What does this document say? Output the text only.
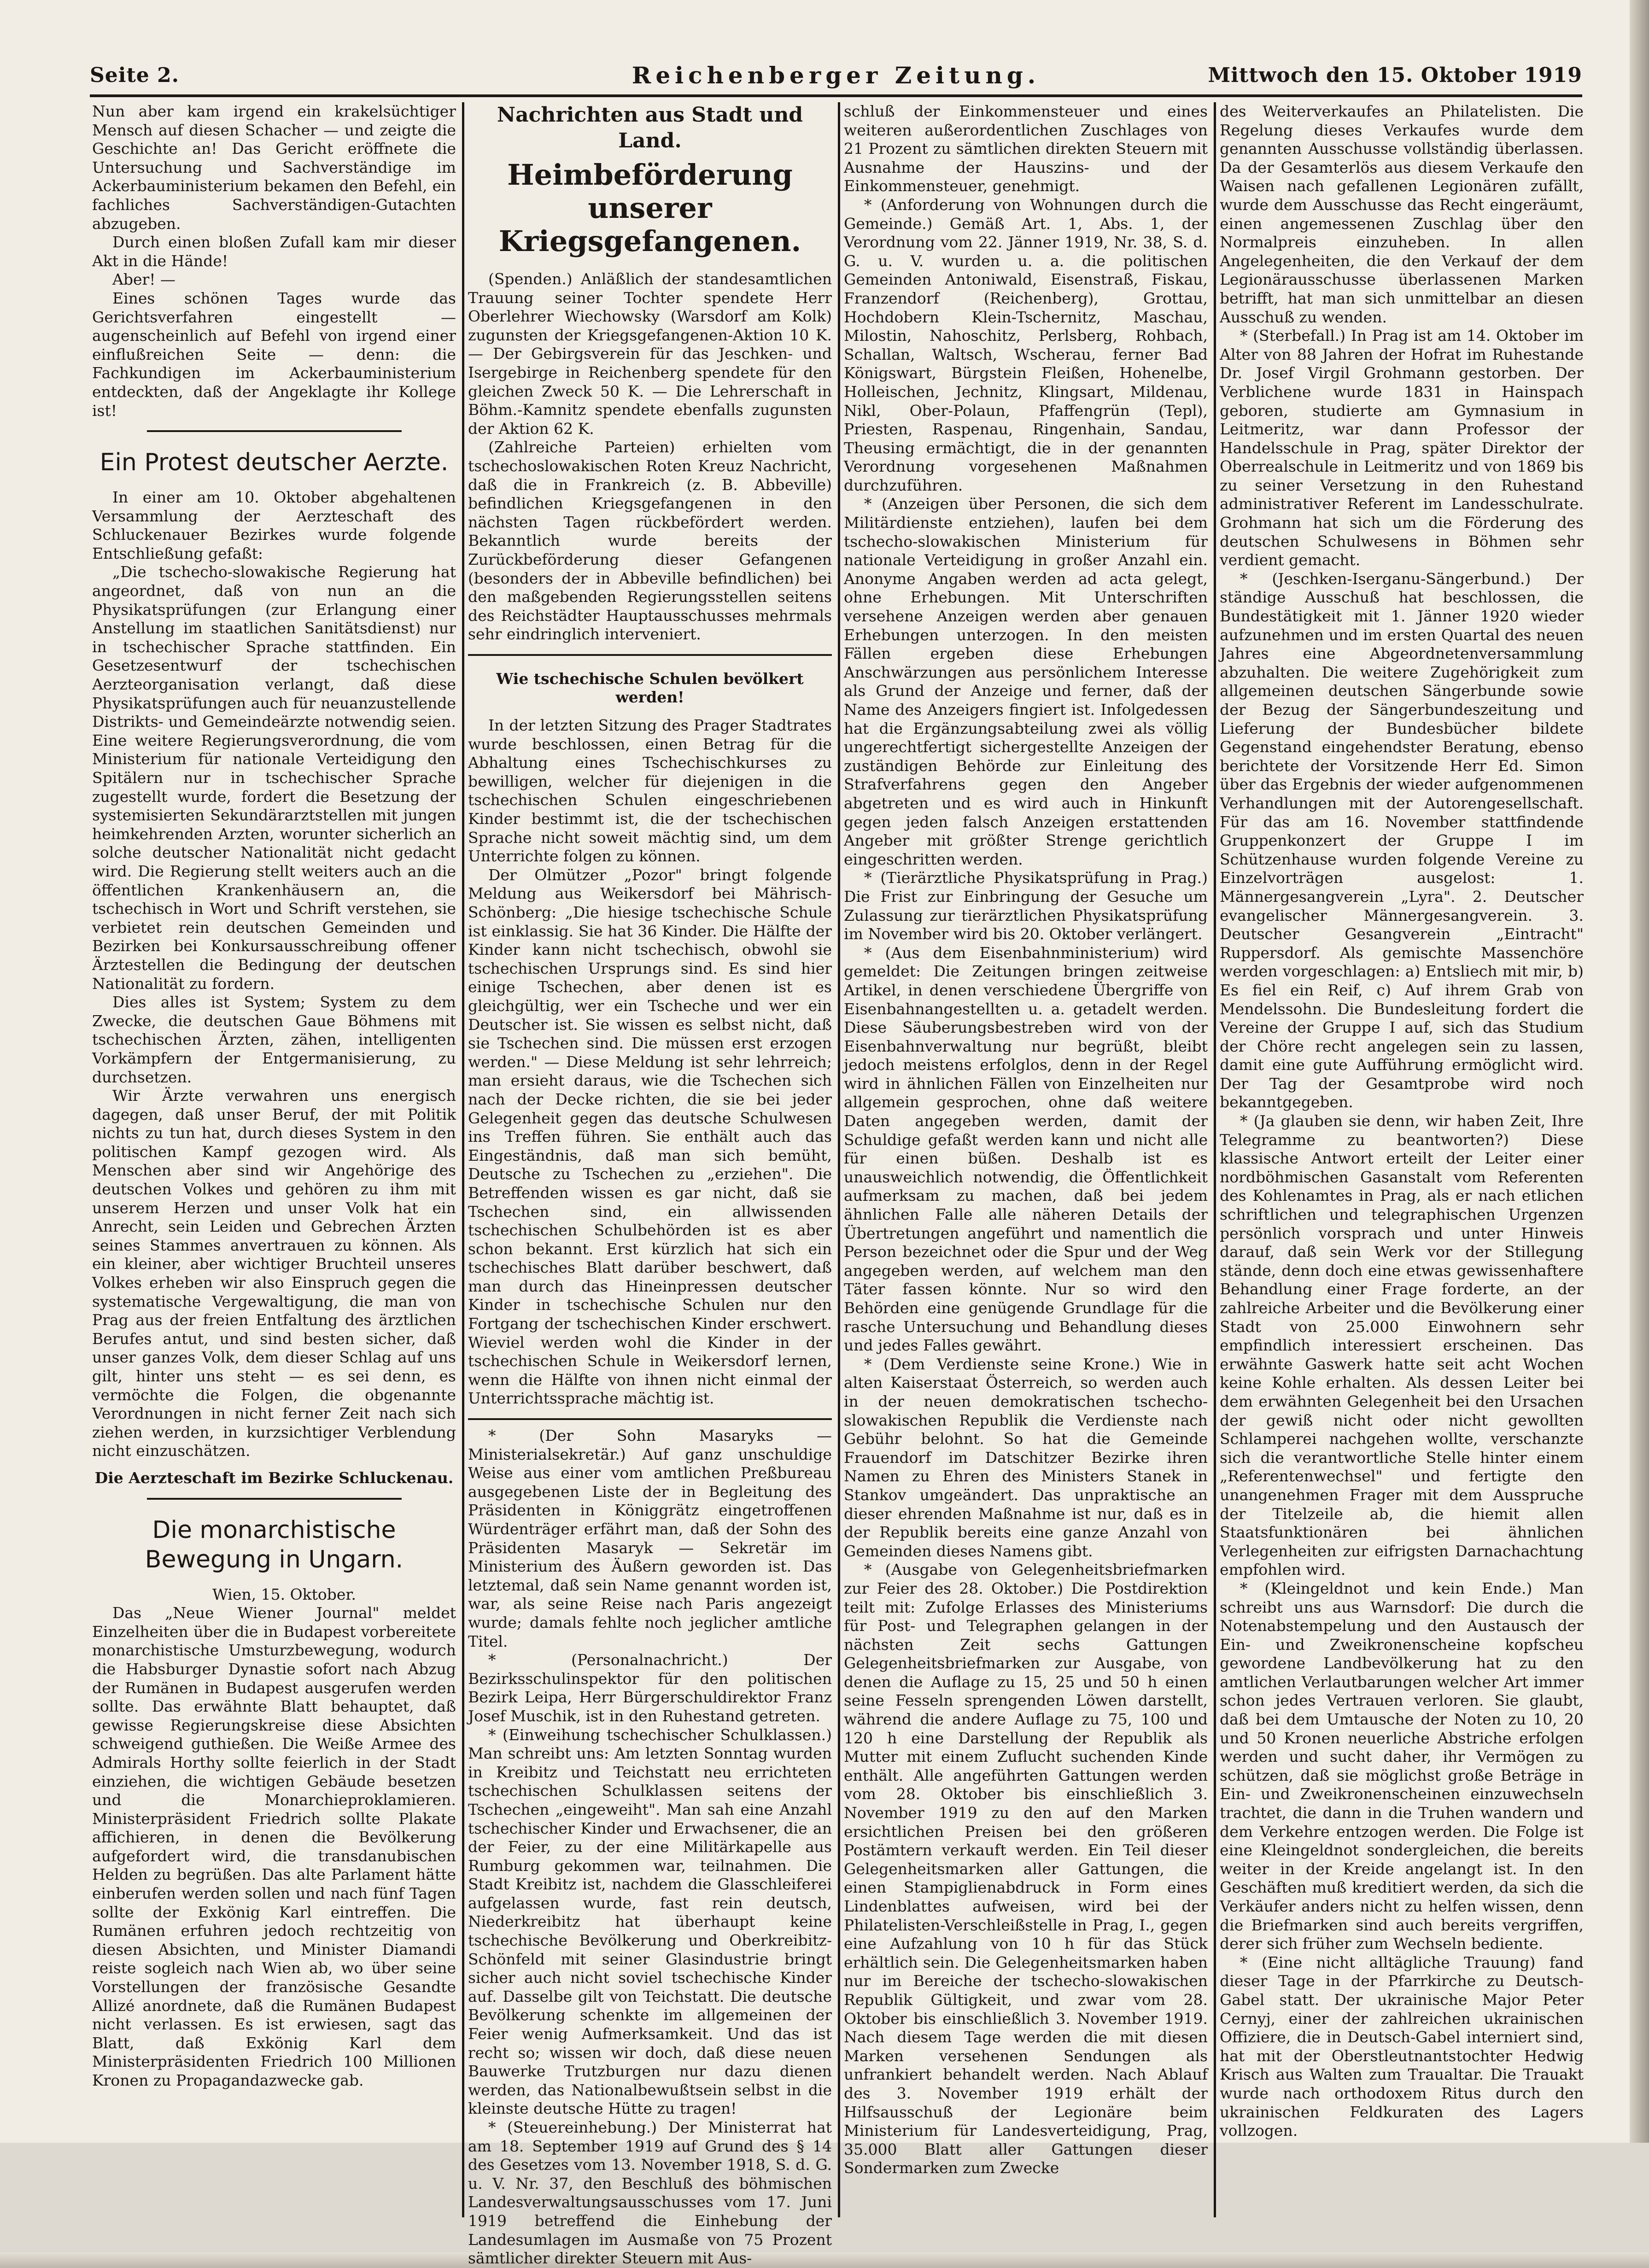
Seite 2.	Reichenberger Zeitung.	Mittwoch den 15. Oktober 1919

Nun aber kam irgend ein krakelsüchtiger Mensch auf diesen Schacher — und zeigte die Geschichte an! Das Gericht eröffnete die Untersuchung und Sachverständige im Ackerbauministerium bekamen den Befehl, ein fachliches Sachverständigen-Gutachten abzugeben.

Durch einen bloßen Zufall kam mir dieser Akt in die Hände!

Aber! —

Eines schönen Tages wurde das Gerichtsverfahren eingestellt — augenscheinlich auf Befehl von irgend einer einflußreichen Seite — denn: die Fachkundigen im Ackerbauministerium entdeckten, daß der Angeklagte ihr Kollege ist!

Ein Protest deutscher Aerzte.

In einer am 10. Oktober abgehaltenen Versammlung der Aerzteschaft des Schluckenauer Bezirkes wurde folgende Entschließung gefaßt:

„Die tschecho-slowakische Regierung hat angeordnet, daß von nun an die Physikatsprüfungen (zur Erlangung einer Anstellung im staatlichen Sanitätsdienst) nur in tschechischer Sprache stattfinden. Ein Gesetzesentwurf der tschechischen Aerzteorganisation verlangt, daß diese Physikatsprüfungen auch für neuanzustellende Distrikts- und Gemeindeärzte notwendig seien. Eine weitere Regierungsverordnung, die vom Ministerium für nationale Verteidigung den Spitälern nur in tschechischer Sprache zugestellt wurde, fordert die Besetzung der systemisierten Sekundärarztstellen mit jungen heimkehrenden Arzten, worunter sicherlich an solche deutscher Nationalität nicht gedacht wird. Die Regierung stellt weiters auch an die öffentlichen Krankenhäusern an, die tschechisch in Wort und Schrift verstehen, sie verbietet rein deutschen Gemeinden und Bezirken bei Konkursausschreibung offener Ärztestellen die Bedingung der deutschen Nationalität zu fordern.

Dies alles ist System; System zu dem Zwecke, die deutschen Gaue Böhmens mit tschechischen Ärzten, zähen, intelligenten Vorkämpfern der Entgermanisierung, zu durchsetzen.

Wir Ärzte verwahren uns energisch dagegen, daß unser Beruf, der mit Politik nichts zu tun hat, durch dieses System in den politischen Kampf gezogen wird. Als Menschen aber sind wir Angehörige des deutschen Volkes und gehören zu ihm mit unserem Herzen und unser Volk hat ein Anrecht, sein Leiden und Gebrechen Ärzten seines Stammes anvertrauen zu können. Als ein kleiner, aber wichtiger Bruchteil unseres Volkes erheben wir also Einspruch gegen die systematische Vergewaltigung, die man von Prag aus der freien Entfaltung des ärztlichen Berufes antut, und sind besten sicher, daß unser ganzes Volk, dem dieser Schlag auf uns gilt, hinter uns steht — es sei denn, es vermöchte die Folgen, die obgenannte Verordnungen in nicht ferner Zeit nach sich ziehen werden, in kurzsichtiger Verblendung nicht einzuschätzen.

Die Aerzteschaft im Bezirke Schluckenau.
Die monarchistische Bewegung in Ungarn.

Wien, 15. Oktober.

Das „Neue Wiener Journal" meldet Einzelheiten über die in Budapest vorbereitete monarchistische Umsturzbewegung, wodurch die Habsburger Dynastie sofort nach Abzug der Rumänen in Budapest ausgerufen werden sollte. Das erwähnte Blatt behauptet, daß gewisse Regierungskreise diese Absichten schweigend guthießen. Die Weiße Armee des Admirals Horthy sollte feierlich in der Stadt einziehen, die wichtigen Gebäude besetzen und die Monarchieproklamieren. Ministerpräsident Friedrich sollte Plakate affichieren, in denen die Bevölkerung aufgefordert wird, die transdanubischen Helden zu begrüßen. Das alte Parlament hätte einberufen werden sollen und nach fünf Tagen sollte der Exkönig Karl eintreffen. Die Rumänen erfuhren jedoch rechtzeitig von diesen Absichten, und Minister Diamandi reiste sogleich nach Wien ab, wo über seine Vorstellungen der französische Gesandte Allizé anordnete, daß die Rumänen Budapest nicht verlassen. Es ist erwiesen, sagt das Blatt, daß Exkönig Karl dem Ministerpräsidenten Friedrich 100 Millionen Kronen zu Propagandazwecke gab.

Nachrichten aus Stadt und Land.
Heimbeförderung unserer Kriegsgefangenen.

(Spenden.) Anläßlich der standesamtlichen Trauung seiner Tochter spendete Herr Oberlehrer Wiechowsky (Warsdorf am Kolk) zugunsten der Kriegsgefangenen-Aktion 10 K. — Der Gebirgsverein für das Jeschken- und Isergebirge in Reichenberg spendete für den gleichen Zweck 50 K. — Die Lehrerschaft in Böhm.-Kamnitz spendete ebenfalls zugunsten der Aktion 62 K.

(Zahlreiche Parteien) erhielten vom tschechoslowakischen Roten Kreuz Nachricht, daß die in Frankreich (z. B. Abbeville) befindlichen Kriegsgefangenen in den nächsten Tagen rückbefördert werden. Bekanntlich wurde bereits der Zurückbeförderung dieser Gefangenen (besonders der in Abbeville befindlichen) bei den maßgebenden Regierungsstellen seitens des Reichstädter Hauptausschusses mehrmals sehr eindringlich interveniert.

Wie tschechische Schulen bevölkert werden!

In der letzten Sitzung des Prager Stadtrates wurde beschlossen, einen Betrag für die Abhaltung eines Tschechischkurses zu bewilligen, welcher für diejenigen in die tschechischen Schulen eingeschriebenen Kinder bestimmt ist, die der tschechischen Sprache nicht soweit mächtig sind, um dem Unterrichte folgen zu können.

Der Olmützer „Pozor" bringt folgende Meldung aus Weikersdorf bei Mährisch-Schönberg: „Die hiesige tschechische Schule ist einklassig. Sie hat 36 Kinder. Die Hälfte der Kinder kann nicht tschechisch, obwohl sie tschechischen Ursprungs sind. Es sind hier einige Tschechen, aber denen ist es gleichgültig, wer ein Tscheche und wer ein Deutscher ist. Sie wissen es selbst nicht, daß sie Tschechen sind. Die müssen erst erzogen werden." — Diese Meldung ist sehr lehrreich; man ersieht daraus, wie die Tschechen sich nach der Decke richten, die sie bei jeder Gelegenheit gegen das deutsche Schulwesen ins Treffen führen. Sie enthält auch das Eingeständnis, daß man sich bemüht, Deutsche zu Tschechen zu „erziehen". Die Betreffenden wissen es gar nicht, daß sie Tschechen sind, ein allwissenden tschechischen Schulbehörden ist es aber schon bekannt. Erst kürzlich hat sich ein tschechisches Blatt darüber beschwert, daß man durch das Hineinpressen deutscher Kinder in tschechische Schulen nur den Fortgang der tschechischen Kinder erschwert. Wieviel werden wohl die Kinder in der tschechischen Schule in Weikersdorf lernen, wenn die Hälfte von ihnen nicht einmal der Unterrichtssprache mächtig ist.

* (Der Sohn Masaryks — Ministerialsekretär.) Auf ganz unschuldige Weise aus einer vom amtlichen Preßbureau ausgegebenen Liste der in Begleitung des Präsidenten in Königgrätz eingetroffenen Würdenträger erfährt man, daß der Sohn des Präsidenten Masaryk — Sekretär im Ministerium des Äußern geworden ist. Das letztemal, daß sein Name genannt worden ist, war, als seine Reise nach Paris angezeigt wurde; damals fehlte noch jeglicher amtliche Titel.

* (Personalnachricht.) Der Bezirksschulinspektor für den politischen Bezirk Leipa, Herr Bürgerschuldirektor Franz Josef Muschik, ist in den Ruhestand getreten.

* (Einweihung tschechischer Schulklassen.) Man schreibt uns: Am letzten Sonntag wurden in Kreibitz und Teichstatt neu errichteten tschechischen Schulklassen seitens der Tschechen „eingeweiht". Man sah eine Anzahl tschechischer Kinder und Erwachsener, die an der Feier, zu der eine Militärkapelle aus Rumburg gekommen war, teilnahmen. Die Stadt Kreibitz ist, nachdem die Glasschleiferei aufgelassen wurde, fast rein deutsch, Niederkreibitz hat überhaupt keine tschechische Bevölkerung und Oberkreibitz-Schönfeld mit seiner Glasindustrie bringt sicher auch nicht soviel tschechische Kinder auf. Dasselbe gilt von Teichstatt. Die deutsche Bevölkerung schenkte im allgemeinen der Feier wenig Aufmerksamkeit. Und das ist recht so; wissen wir doch, daß diese neuen Bauwerke Trutzburgen nur dazu dienen werden, das Nationalbewußtsein selbst in die kleinste deutsche Hütte zu tragen!

* (Steuereinhebung.) Der Ministerrat hat am 18. September 1919 auf Grund des § 14 des Gesetzes vom 13. November 1918, S. d. G. u. V. Nr. 37, den Beschluß des böhmischen Landesverwaltungsausschusses vom 17. Juni 1919 betreffend die Einhebung der Landesumlagen im Ausmaße von 75 Prozent sämtlicher direkter Steuern mit Aus-

schluß der Einkommensteuer und eines weiteren außerordentlichen Zuschlages von 21 Prozent zu sämtlichen direkten Steuern mit Ausnahme der Hauszins- und der Einkommensteuer, genehmigt.

* (Anforderung von Wohnungen durch die Gemeinde.) Gemäß Art. 1, Abs. 1, der Verordnung vom 22. Jänner 1919, Nr. 38, S. d. G. u. V. wurden u. a. die politischen Gemeinden Antoniwald, Eisenstraß, Fiskau, Franzendorf (Reichenberg), Grottau, Hochdobern Klein-Tschernitz, Maschau, Milostin, Nahoschitz, Perlsberg, Rohbach, Schallan, Waltsch, Wscherau, ferner Bad Königswart, Bürgstein Fleißen, Hohenelbe, Holleischen, Jechnitz, Klingsart, Mildenau, Nikl, Ober-Polaun, Pfaffengrün (Tepl), Priesten, Raspenau, Ringenhain, Sandau, Theusing ermächtigt, die in der genannten Verordnung vorgesehenen Maßnahmen durchzuführen.

* (Anzeigen über Personen, die sich dem Militärdienste entziehen), laufen bei dem tschecho-slowakischen Ministerium für nationale Verteidigung in großer Anzahl ein. Anonyme Angaben werden ad acta gelegt, ohne Erhebungen. Mit Unterschriften versehene Anzeigen werden aber genauen Erhebungen unterzogen. In den meisten Fällen ergeben diese Erhebungen Anschwärzungen aus persönlichem Interesse als Grund der Anzeige und ferner, daß der Name des Anzeigers fingiert ist. Infolgedessen hat die Ergänzungsabteilung zwei als völlig ungerechtfertigt sichergestellte Anzeigen der zuständigen Behörde zur Einleitung des Strafverfahrens gegen den Angeber abgetreten und es wird auch in Hinkunft gegen jeden falsch Anzeigen erstattenden Angeber mit größter Strenge gerichtlich eingeschritten werden.

* (Tierärztliche Physikatsprüfung in Prag.) Die Frist zur Einbringung der Gesuche um Zulassung zur tierärztlichen Physikatsprüfung im November wird bis 20. Oktober verlängert.

* (Aus dem Eisenbahnministerium) wird gemeldet: Die Zeitungen bringen zeitweise Artikel, in denen verschiedene Übergriffe von Eisenbahnangestellten u. a. getadelt werden. Diese Säuberungsbestreben wird von der Eisenbahnverwaltung nur begrüßt, bleibt jedoch meistens erfolglos, denn in der Regel wird in ähnlichen Fällen von Einzelheiten nur allgemein gesprochen, ohne daß weitere Daten angegeben werden, damit der Schuldige gefaßt werden kann und nicht alle für einen büßen. Deshalb ist es unausweichlich notwendig, die Öffentlichkeit aufmerksam zu machen, daß bei jedem ähnlichen Falle alle näheren Details der Übertretungen angeführt und namentlich die Person bezeichnet oder die Spur und der Weg angegeben werden, auf welchem man den Täter fassen könnte. Nur so wird den Behörden eine genügende Grundlage für die rasche Untersuchung und Behandlung dieses und jedes Falles gewährt.

* (Dem Verdienste seine Krone.) Wie in alten Kaiserstaat Österreich, so werden auch in der neuen demokratischen tschecho-slowakischen Republik die Verdienste nach Gebühr belohnt. So hat die Gemeinde Frauendorf im Datschitzer Bezirke ihren Namen zu Ehren des Ministers Stanek in Stankov umgeändert. Das unpraktische an dieser ehrenden Maßnahme ist nur, daß es in der Republik bereits eine ganze Anzahl von Gemeinden dieses Namens gibt.

* (Ausgabe von Gelegenheitsbriefmarken zur Feier des 28. Oktober.) Die Postdirektion teilt mit: Zufolge Erlasses des Ministeriums für Post- und Telegraphen gelangen in der nächsten Zeit sechs Gattungen Gelegenheitsbriefmarken zur Ausgabe, von denen die Auflage zu 15, 25 und 50 h einen seine Fesseln sprengenden Löwen darstellt, während die andere Auflage zu 75, 100 und 120 h eine Darstellung der Republik als Mutter mit einem Zuflucht suchenden Kinde enthält. Alle angeführten Gattungen werden vom 28. Oktober bis einschließlich 3. November 1919 zu den auf den Marken ersichtlichen Preisen bei den größeren Postämtern verkauft werden. Ein Teil dieser Gelegenheitsmarken aller Gattungen, die einen Stampiglienabdruck in Form eines Lindenblattes aufweisen, wird bei der Philatelisten-Verschleißstelle in Prag, I., gegen eine Aufzahlung von 10 h für das Stück erhältlich sein. Die Gelegenheitsmarken haben nur im Bereiche der tschecho-slowakischen Republik Gültigkeit, und zwar vom 28. Oktober bis einschließlich 3. November 1919. Nach diesem Tage werden die mit diesen Marken versehenen Sendungen als unfrankiert behandelt werden. Nach Ablauf des 3. November 1919 erhält der Hilfsausschuß der Legionäre beim Ministerium für Landesverteidigung, Prag, 35.000 Blatt aller Gattungen dieser Sondermarken zum Zwecke

des Weiterverkaufes an Philatelisten. Die Regelung dieses Verkaufes wurde dem genannten Ausschusse vollständig überlassen. Da der Gesamterlös aus diesem Verkaufe den Waisen nach gefallenen Legionären zufällt, wurde dem Ausschusse das Recht eingeräumt, einen angemessenen Zuschlag über den Normalpreis einzuheben. In allen Angelegenheiten, die den Verkauf der dem Legionärausschusse überlassenen Marken betrifft, hat man sich unmittelbar an diesen Ausschuß zu wenden.

* (Sterbefall.) In Prag ist am 14. Oktober im Alter von 88 Jahren der Hofrat im Ruhestande Dr. Josef Virgil Grohmann gestorben. Der Verblichene wurde 1831 in Hainspach geboren, studierte am Gymnasium in Leitmeritz, war dann Professor der Handelsschule in Prag, später Direktor der Oberrealschule in Leitmeritz und von 1869 bis zu seiner Versetzung in den Ruhestand administrativer Referent im Landesschulrate. Grohmann hat sich um die Förderung des deutschen Schulwesens in Böhmen sehr verdient gemacht.

* (Jeschken-Iserganu-Sängerbund.) Der ständige Ausschuß hat beschlossen, die Bundestätigkeit mit 1. Jänner 1920 wieder aufzunehmen und im ersten Quartal des neuen Jahres eine Abgeordnetenversammlung abzuhalten. Die weitere Zugehörigkeit zum allgemeinen deutschen Sängerbunde sowie der Bezug der Sängerbundeszeitung und Lieferung der Bundesbücher bildete Gegenstand eingehendster Beratung, ebenso berichtete der Vorsitzende Herr Ed. Simon über das Ergebnis der wieder aufgenommenen Verhandlungen mit der Autorengesellschaft. Für das am 16. November stattfindende Gruppenkonzert der Gruppe I im Schützenhause wurden folgende Vereine zu Einzelvorträgen ausgelost: 1. Männergesangverein „Lyra". 2. Deutscher evangelischer Männergesangverein. 3. Deutscher Gesangverein „Eintracht" Ruppersdorf. Als gemischte Massenchöre werden vorgeschlagen: a) Entsliech mit mir, b) Es fiel ein Reif, c) Auf ihrem Grab von Mendelssohn. Die Bundesleitung fordert die Vereine der Gruppe I auf, sich das Studium der Chöre recht angelegen sein zu lassen, damit eine gute Aufführung ermöglicht wird. Der Tag der Gesamtprobe wird noch bekanntgegeben.

* (Ja glauben sie denn, wir haben Zeit, Ihre Telegramme zu beantworten?) Diese klassische Antwort erteilt der Leiter einer nordböhmischen Gasanstalt vom Referenten des Kohlenamtes in Prag, als er nach etlichen schriftlichen und telegraphischen Urgenzen persönlich vorsprach und unter Hinweis darauf, daß sein Werk vor der Stillegung stände, denn doch eine etwas gewissenhaftere Behandlung einer Frage forderte, an der zahlreiche Arbeiter und die Bevölkerung einer Stadt von 25.000 Einwohnern sehr empfindlich interessiert erscheinen. Das erwähnte Gaswerk hatte seit acht Wochen keine Kohle erhalten. Als dessen Leiter bei dem erwähnten Gelegenheit bei den Ursachen der gewiß nicht oder nicht gewollten Schlamperei nachgehen wollte, verschanzte sich die verantwortliche Stelle hinter einem „Referentenwechsel" und fertigte den unangenehmen Frager mit dem Ausspruche der Titelzeile ab, die hiemit allen Staatsfunktionären bei ähnlichen Verlegenheiten zur eifrigsten Darnachachtung empfohlen wird.

* (Kleingeldnot und kein Ende.) Man schreibt uns aus Warnsdorf: Die durch die Notenabstempelung und den Austausch der Ein- und Zweikronenscheine kopfscheu gewordene Landbevölkerung hat zu den amtlichen Verlautbarungen welcher Art immer schon jedes Vertrauen verloren. Sie glaubt, daß bei dem Umtausche der Noten zu 10, 20 und 50 Kronen neuerliche Abstriche erfolgen werden und sucht daher, ihr Vermögen zu schützen, daß sie möglichst große Beträge in Ein- und Zweikronenscheinen einzuwechseln trachtet, die dann in die Truhen wandern und dem Verkehre entzogen werden. Die Folge ist eine Kleingeldnot sondergleichen, die bereits weiter in der Kreide angelangt ist. In den Geschäften muß kreditiert werden, da sich die Verkäufer anders nicht zu helfen wissen, denn die Briefmarken sind auch bereits vergriffen, derer sich früher zum Wechseln bediente.

* (Eine nicht alltägliche Trauung) fand dieser Tage in der Pfarrkirche zu Deutsch-Gabel statt. Der ukrainische Major Peter Cernyj, einer der zahlreichen ukrainischen Offiziere, die in Deutsch-Gabel interniert sind, hat mit der Oberstleutnantstochter Hedwig Krisch aus Walten zum Traualtar. Die Trauakt wurde nach orthodoxem Ritus durch den ukrainischen Feldkuraten des Lagers vollzogen.
